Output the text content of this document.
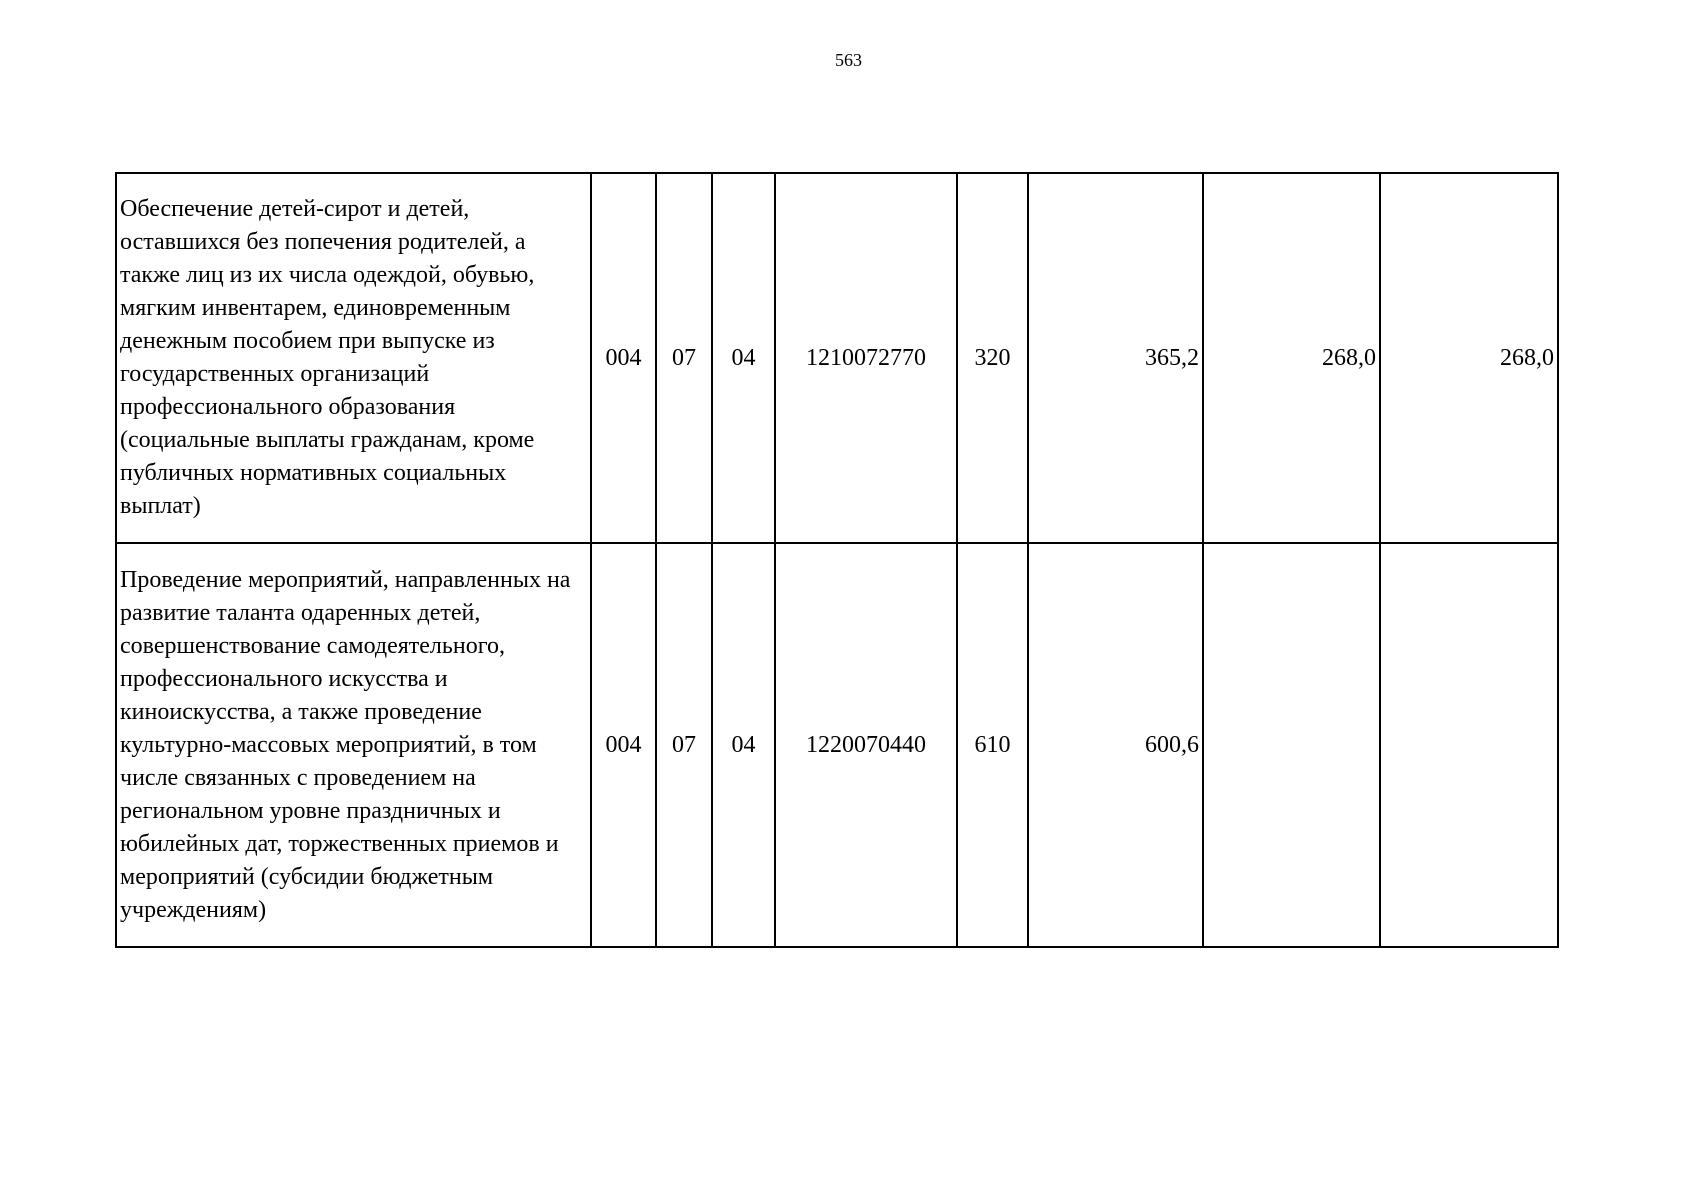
563
Обеспечение детей-сирот и детей, оставшихся без попечения родителей, а также лиц из их числа одеждой, обувью, мягким инвентарем, единовременным денежным пособием при выпуске из государственных организаций профессионального образования (социальные выплаты гражданам, кроме публичных нормативных социальных выплат)	004	07	04	1210072770	320	365,2	268,0	268,0
Проведение мероприятий, направленных на развитие таланта одаренных детей, совершенствование самодеятельного, профессионального искусства и киноискусства, а также проведение культурно-массовых мероприятий, в том числе связанных с проведением на региональном уровне праздничных и юбилейных дат, торжественных приемов и мероприятий (субсидии бюджетным учреждениям)	004	07	04	1220070440	610	600,6		
